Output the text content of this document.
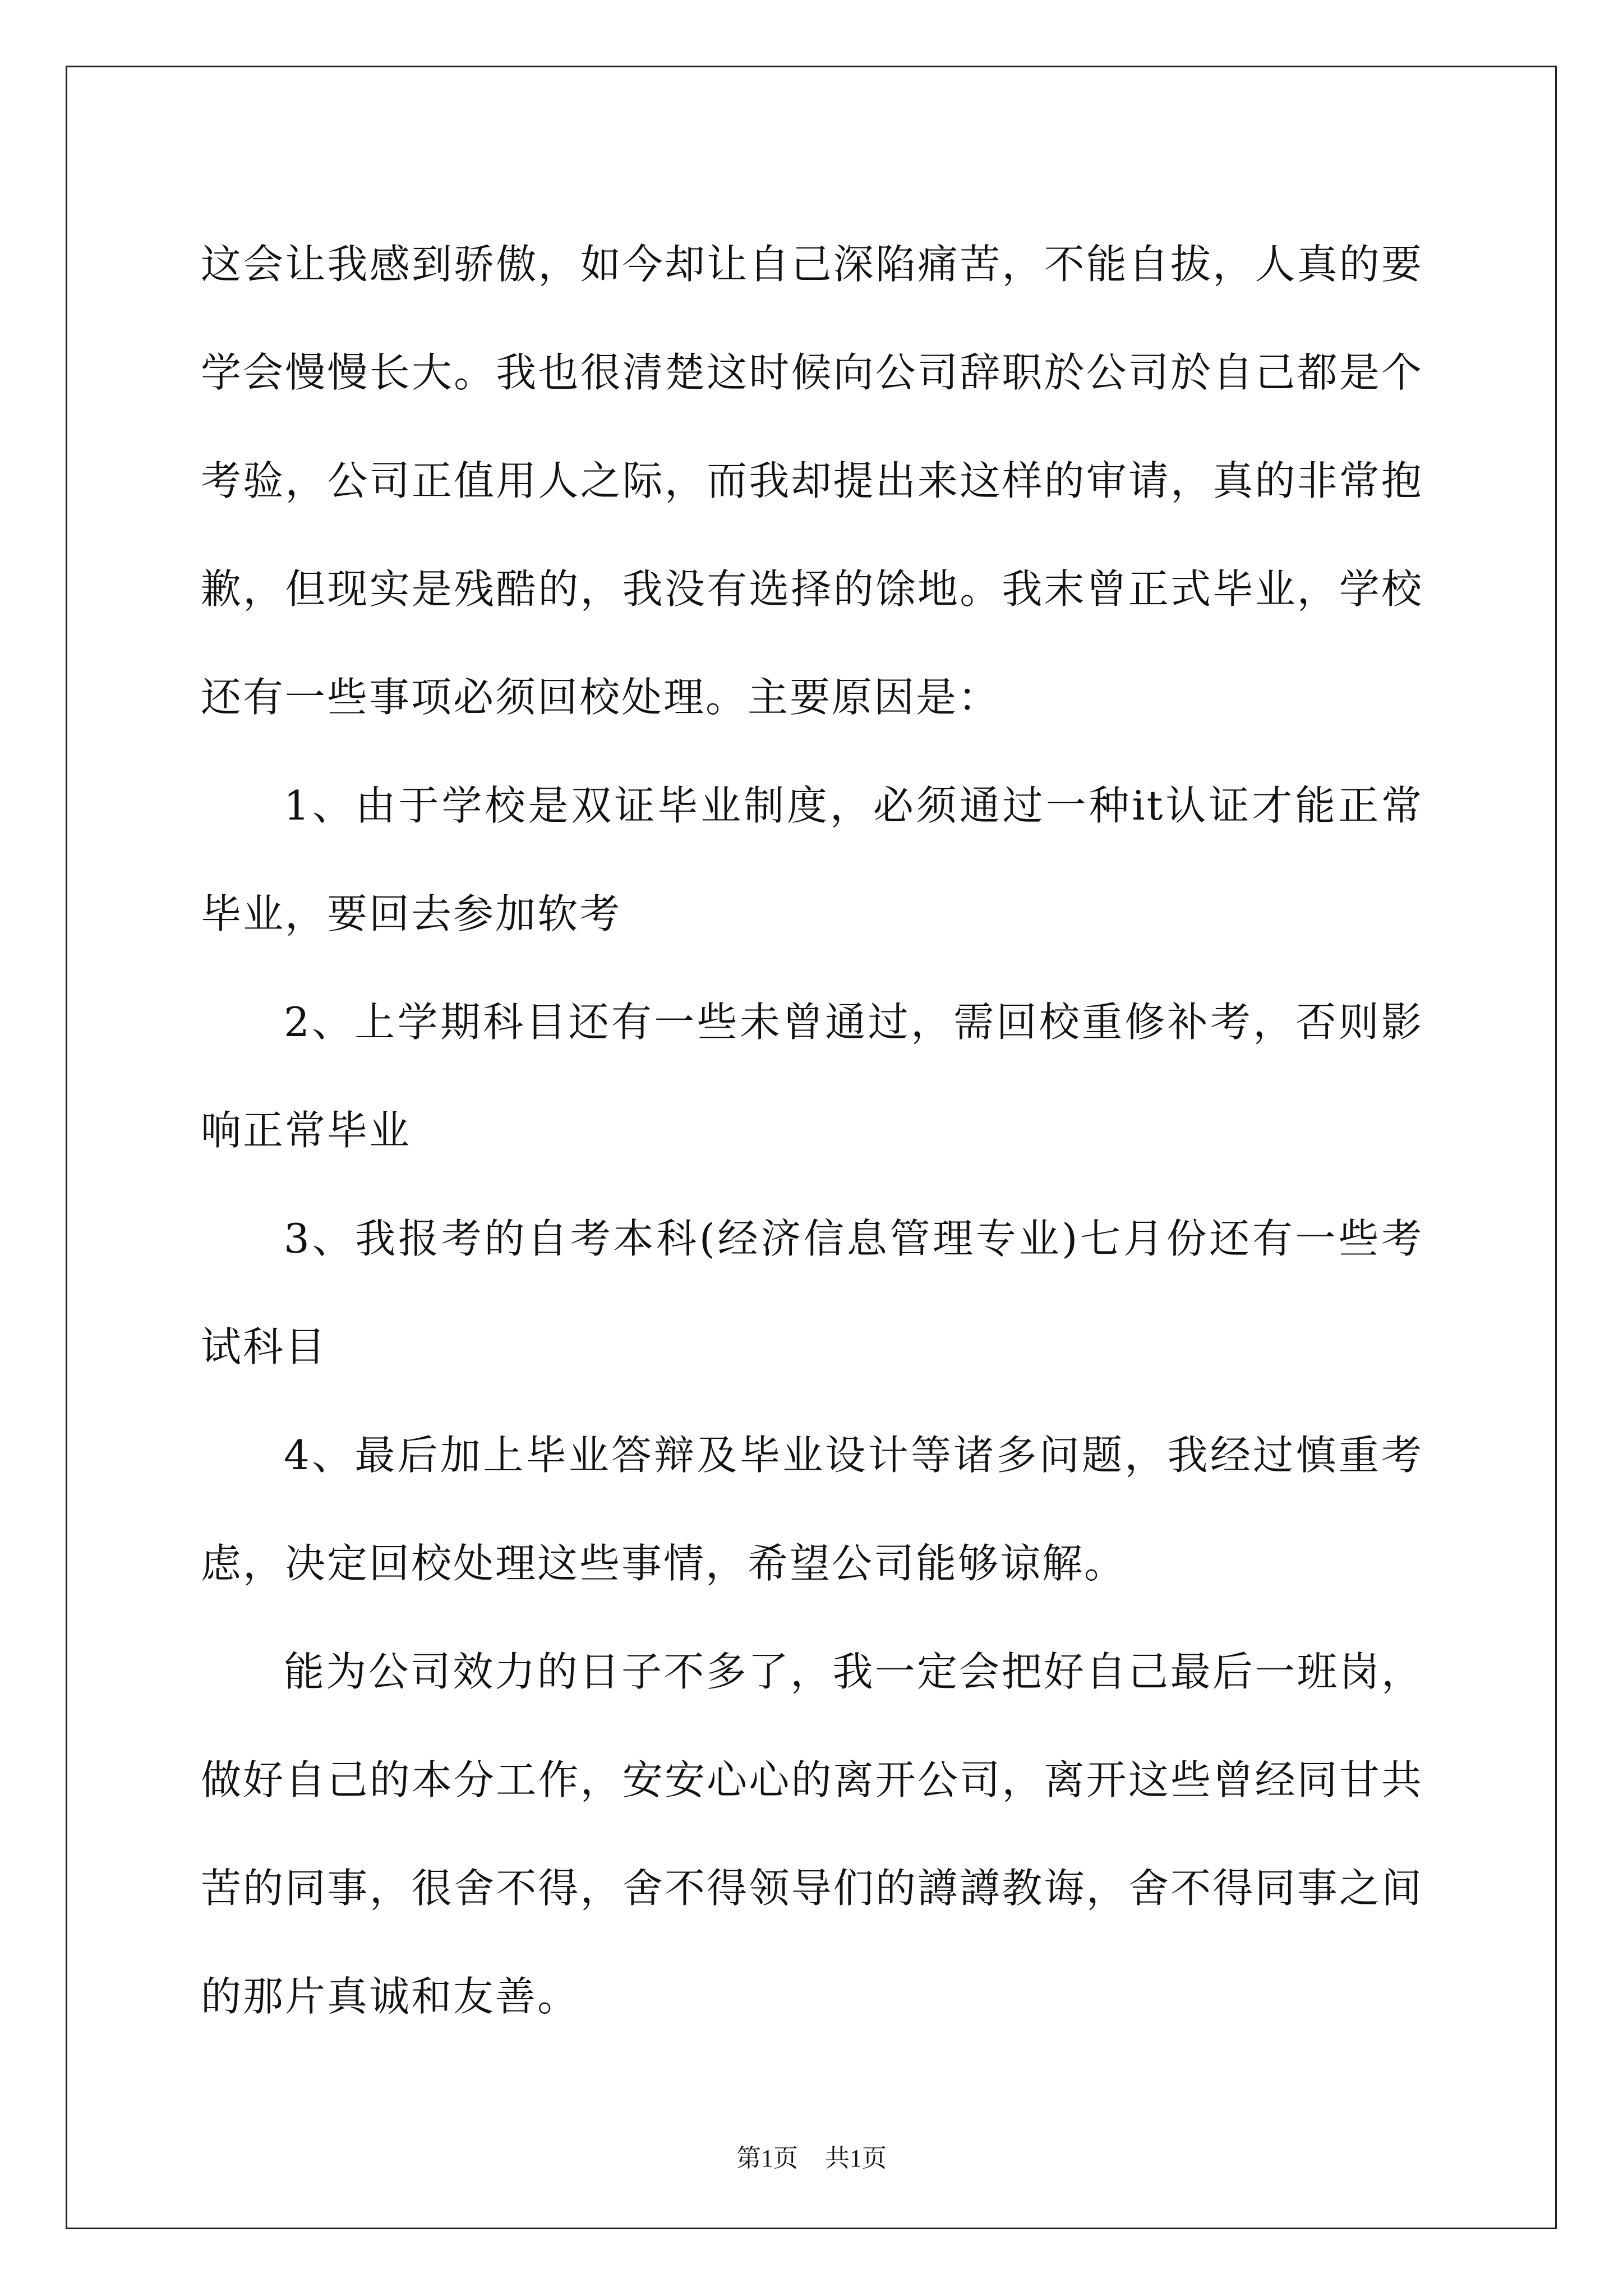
这会让我感到骄傲，如今却让自己深陷痛苦，不能自拔，人真的要学会慢慢长大。我也很清楚这时候向公司辞职於公司於自己都是个考验，公司正值用人之际，而我却提出来这样的审请，真的非常抱歉，但现实是残酷的，我没有选择的馀地。我末曾正式毕业，学校还有一些事项必须回校处理。主要原因是：

1、由于学校是双证毕业制度，必须通过一种it认证才能正常毕业，要回去参加软考

2、上学期科目还有一些未曾通过，需回校重修补考，否则影响正常毕业

3、我报考的自考本科(经济信息管理专业)七月份还有一些考试科目

4、最后加上毕业答辩及毕业设计等诸多问题，我经过慎重考虑，决定回校处理这些事情，希望公司能够谅解。

能为公司效力的日子不多了，我一定会把好自己最后一班岗，做好自己的本分工作，安安心心的离开公司，离开这些曾经同甘共苦的同事，很舍不得，舍不得领导们的譐譐教诲，舍不得同事之间的那片真诚和友善。

第1页 共1页
